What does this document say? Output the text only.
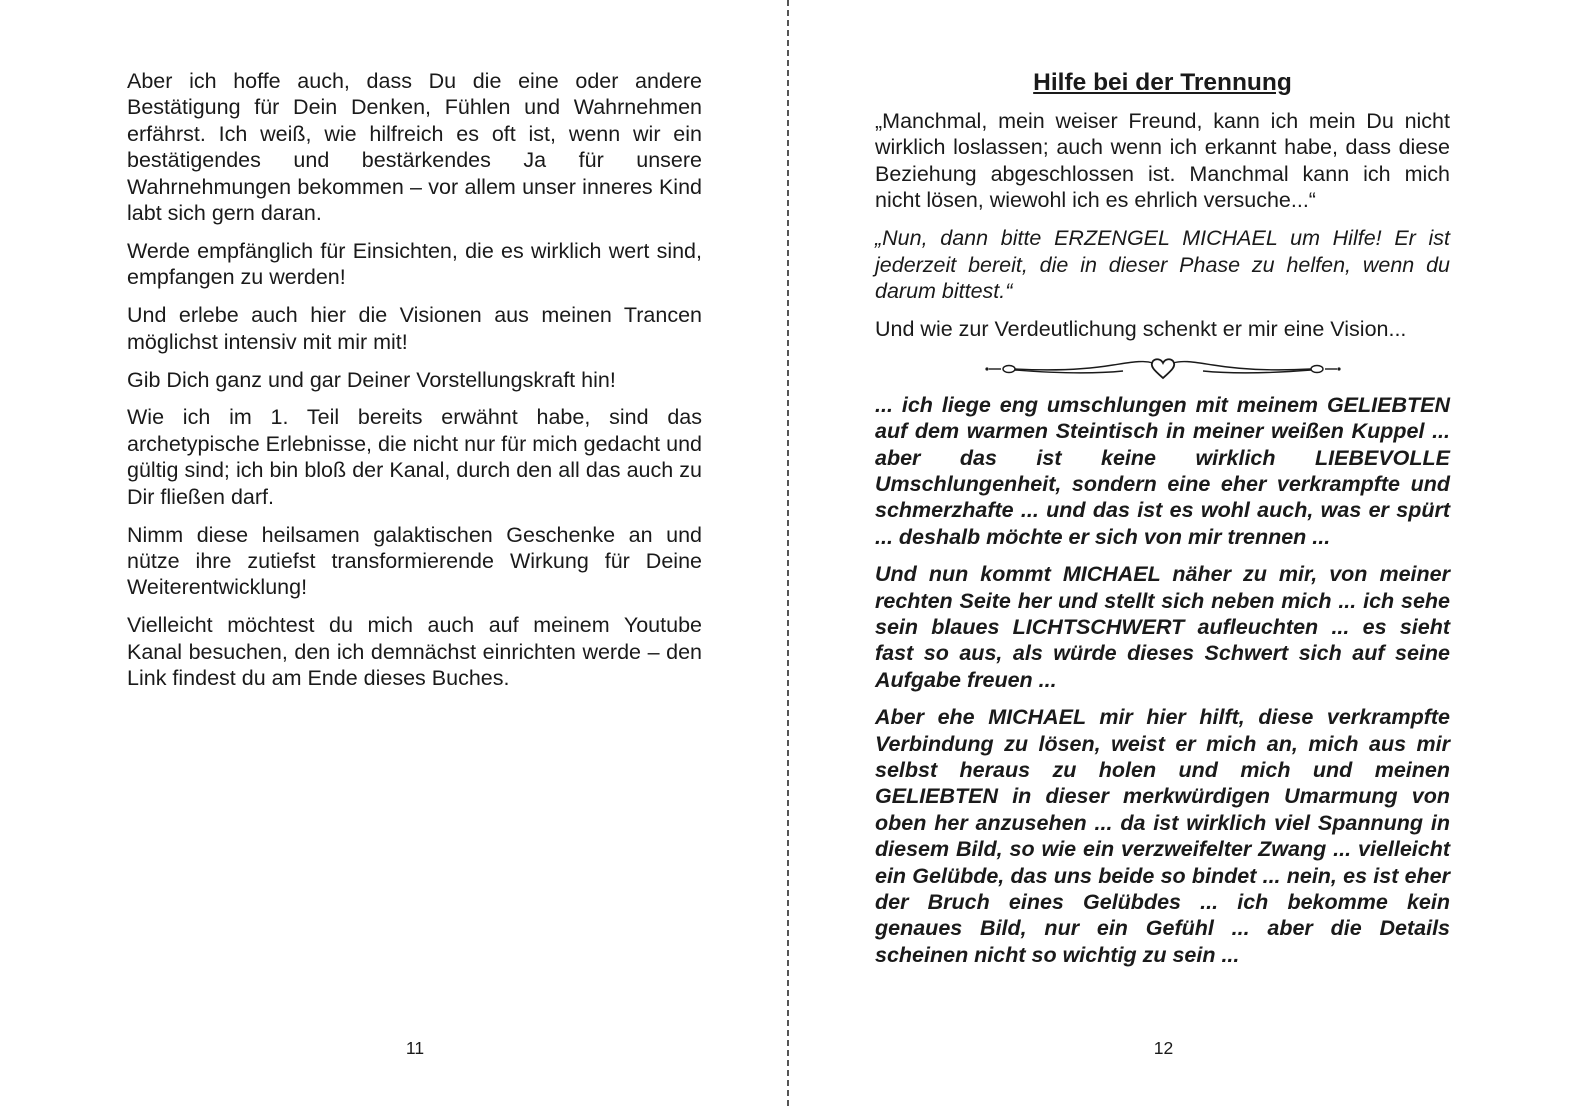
Aber ich hoffe auch, dass Du die eine oder andere Bestätigung für Dein Denken, Fühlen und Wahrnehmen erfährst. Ich weiß, wie hilfreich es oft ist, wenn wir ein bestätigendes und bestärkendes Ja für unsere Wahrnehmungen bekommen – vor allem unser inneres Kind labt sich gern daran.

Werde empfänglich für Einsichten, die es wirklich wert sind, empfangen zu werden!

Und erlebe auch hier die Visionen aus meinen Trancen möglichst intensiv mit mir mit!

Gib Dich ganz und gar Deiner Vorstellungskraft hin!

Wie ich im 1. Teil bereits erwähnt habe, sind das archetypische Erlebnisse, die nicht nur für mich gedacht und gültig sind; ich bin bloß der Kanal, durch den all das auch zu Dir fließen darf.

Nimm diese heilsamen galaktischen Geschenke an und nütze ihre zutiefst transformierende Wirkung für Deine Weiterentwicklung!

Vielleicht möchtest du mich auch auf meinem Youtube Kanal besuchen, den ich demnächst einrichten werde – den Link findest du am Ende dieses Buches.

11
Hilfe bei der Trennung

„Manchmal, mein weiser Freund, kann ich mein Du nicht wirklich loslassen; auch wenn ich erkannt habe, dass diese Beziehung abgeschlossen ist. Manchmal kann ich mich nicht lösen, wiewohl ich es ehrlich versuche...“

„Nun, dann bitte ERZENGEL MICHAEL um Hilfe! Er ist jederzeit bereit, die in dieser Phase zu helfen, wenn du darum bittest.“

Und wie zur Verdeutlichung schenkt er mir eine Vision...

... ich liege eng umschlungen mit meinem GELIEBTEN auf dem warmen Steintisch in meiner weißen Kuppel ... aber das ist keine wirklich LIEBEVOLLE Umschlungenheit, sondern eine eher verkrampfte und schmerzhafte ... und das ist es wohl auch, was er spürt ... deshalb möchte er sich von mir trennen ...

Und nun kommt MICHAEL näher zu mir, von meiner rechten Seite her und stellt sich neben mich ... ich sehe sein blaues LICHTSCHWERT aufleuchten ... es sieht fast so aus, als würde dieses Schwert sich auf seine Aufgabe freuen ...

Aber ehe MICHAEL mir hier hilft, diese verkrampfte Verbindung zu lösen, weist er mich an, mich aus mir selbst heraus zu holen und mich und meinen GELIEBTEN in dieser merkwürdigen Umarmung von oben her anzusehen ... da ist wirklich viel Spannung in diesem Bild, so wie ein verzweifelter Zwang ... vielleicht ein Gelübde, das uns beide so bindet ... nein, es ist eher der Bruch eines Gelübdes ... ich bekomme kein genaues Bild, nur ein Gefühl ... aber die Details scheinen nicht so wichtig zu sein ...

12
